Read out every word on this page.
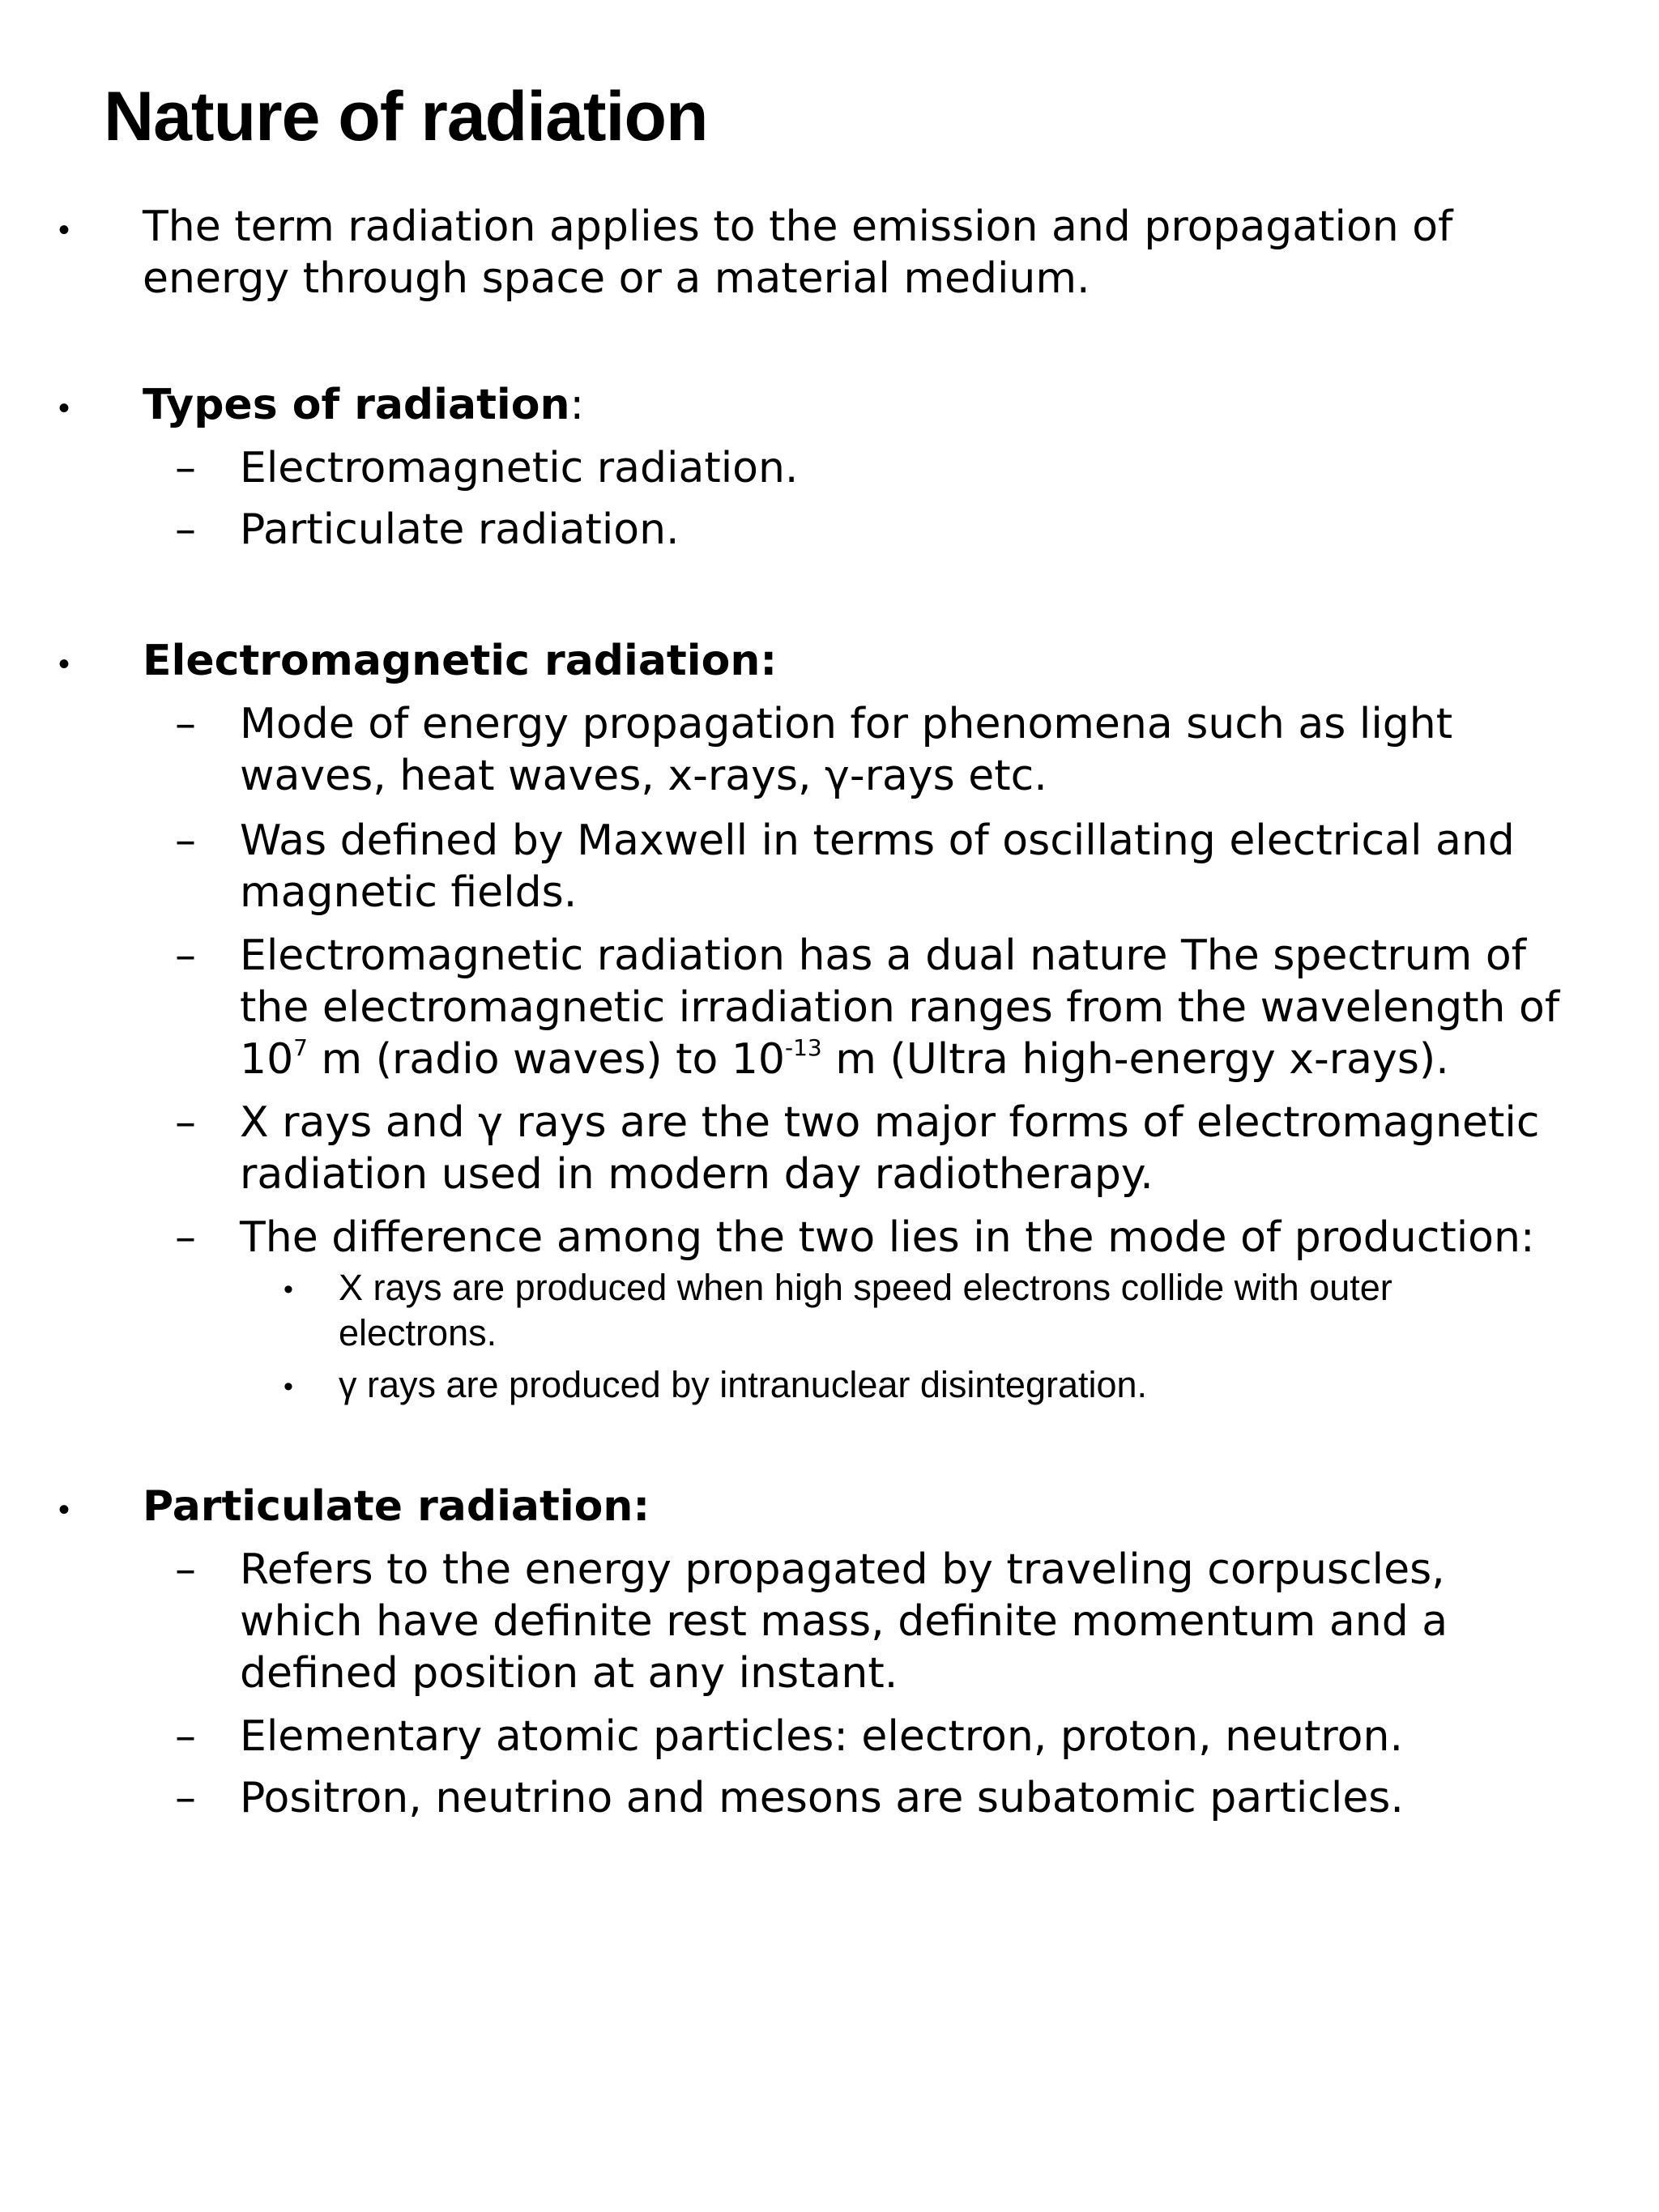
Nature of radiation
• The term radiation applies to the emission and propagation of
energy through space or a material medium.
• Types of radiation:
– Electromagnetic radiation.
– Particulate radiation.
• Electromagnetic radiation:
– Mode of energy propagation for phenomena such as light
waves, heat waves, x-rays, γ-rays etc.
– Was defined by Maxwell in terms of oscillating electrical and
magnetic fields.
– Electromagnetic radiation has a dual nature The spectrum of
the electromagnetic irradiation ranges from the wavelength of
$10^7$ m (radio waves) to $10^{-13}$ m (Ultra high-energy x-rays).
– X rays and γ rays are the two major forms of electromagnetic
radiation used in modern day radiotherapy.
– The difference among the two lies in the mode of production:
• X rays are produced when high speed electrons collide with outer
electrons.
• γ rays are produced by intranuclear disintegration.
• Particulate radiation:
– Refers to the energy propagated by traveling corpuscles,
which have definite rest mass, definite momentum and a
defined position at any instant.
– Elementary atomic particles: electron, proton, neutron.
– Positron, neutrino and mesons are subatomic particles.
